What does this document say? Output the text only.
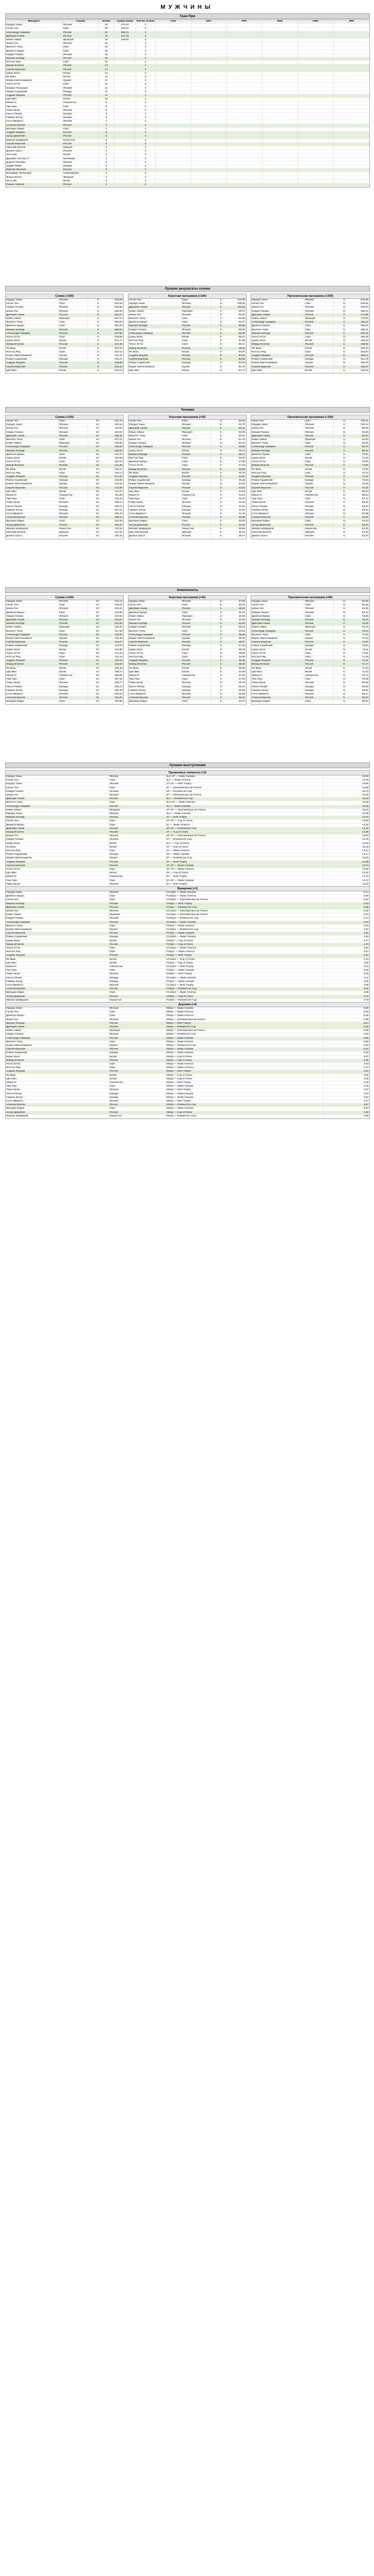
МУЖЧИНЫ
Гран-При
Фигурист	Страна	Этапы	Сумма очков	Кол-во этапов	CAN	USA	FRA	RUS	CHN	JPN
Юдзуру Ханю	Япония	28	372,43	2						
Натан Чен	США	30	335,32	2						
Александр Самарин	Россия	22	268,91	2						
Дмитрий Алиев	Россия	20	247,10	2						
Кевин Аймоз	Франция	20	245,64	2						
Шома Уно	Япония	20		2						
Винсент Чжоу	США	20		2						
Джейсон Браун	США	18		2						
Кэйдзи Танака	Япония	16		2						
Михаил Коляда	Россия	15		2						
Мэттью Рид	США	15		2						
Макар Игнатов	Россия	13		2						
Сергей Воронов	Россия	13		2						
Цзинь Боян	Китай	13		2						
Ян Вань	Китай	12		2						
Морис Квителашвили	Грузия	11		2						
Ческо Оттаг	США	11		2						
Киширо Такахаши	Япония	11		2						
Роман Садовский	Канада	11		2						
Андрей Лазукин	Россия	11		2						
Цян Мин	Китай	10		2						
Миша Ге	Узбекистан	9		2						
Тим Таун	США	9		2						
Тёма Нагаи	Япония	9		2						
Ниссе Ринам	Канада	8		2						
Гаммон Катер	Канада	8		2						
Сота Ямамото	Япония	7		2						
Алексей Ерохов	Россия	7		2						
Брендан Кирри	США	7		2						
Андрей Лазукин	Россия	6		2						
Артур Даниелян	Россия	5		2						
Михаил Шайдоров	Казахстан	5		2						
Сергей Воронов	Россия	5		2						
Николай Беляев	Швеция	4		2						
Дэниэл Грасл	Италия	4		2						
Ченг Бэй	Китай	4		2						
Джуниен Чан Кун Ч	Малайзия	4		2						
Дзюнги Оказава	Япония	3		2						
Эндрю Мими	Канада	3		2						
Максим Грызлов	Россия	3		2						
Владимир Литвинцев	Азербайджан	3		2						
Жоуха Фопэу	Франция	2		2						
Ми Ji Ши	Китай	2		2						
Роман Савосин	Россия	2		2						
Лучшие результаты сезона
Сумма (+300)
Юдзуру Ханю	Япония	5	322,59
Натан Чен	США	5	319,29
Кэйдзи Танака	Япония	5	269,88
Шома Уно	Япония	5	268,45
Дмитрий Алиев	Россия	5	261,27
Кевин Аймоз	Франция	5	257,12
Винсент Чжоу	США	5	256,03
Джейсон Браун	США	5	254,28
Михаил Коляда	Россия	5	250,04
Александр Самарин	Россия	5	247,58
Ческо Оттаг	США	5	239,06
Цзинь Боян	Китай	5	237,71
Макар Игнатов	Россия	5	234,45
Ян Вань	Китай	5	233,22
Мэттью Рид	США	5	232,12
Морис Квителашвили	Грузия	5	231,03
Роман Садовский	Канада	5	230,21
Андрей Лазукин	Россия	5	229,98
Сергей Воронов	Россия	5	228,25
Цян Мин	Китай	5	226,13
Короткая программа (+100)
Натан Чен	США	5	110,38
Юдзуру Ханю	Япония	5	109,60
Дмитрий Алиев	Россия	5	102,83
Кевин Аймоз	Франция	5	96,71
Шома Уно	Япония	5	94,62
Винсент Чжоу	США	5	93,85
Джейсон Браун	США	5	92,27
Михаил Коляда	Россия	5	90,55
Кэйдзи Танака	Япония	5	89,54
Александр Самарин	Россия	5	88,36
Цзинь Боян	Китай	5	88,01
Мэттью Рид	США	5	87,98
Ческо Оттаг	США	5	86,17
Макар Игнатов	Россия	5	85,11
Ян Вань	Китай	5	84,67
Андрей Лазукин	Россия	5	84,26
Сергей Воронов	Россия	5	83,89
Роман Садовский	Канада	5	83,06
Морис Квителашвили	Грузия	5	82,43
Цян Мин	Китай	5	81,77
Произвольная программа (+200)
Юдзуру Ханю	Япония	5	212,99
Натан Чен	США	5	208,91
Шома Уно	Япония	5	180,87
Кэйдзи Танака	Япония	5	180,34
Дмитрий Алиев	Россия	5	174,86
Кевин Аймоз	Франция	5	170,92
Александр Самарин	Россия	5	169,22
Джейсон Браун	США	5	168,61
Винсент Чжоу	США	5	166,41
Михаил Коляда	Россия	5	162,18
Ческо Оттаг	США	5	160,45
Цзинь Боян	Китай	5	159,02
Макар Игнатов	Россия	5	158,66
Ян Вань	Китай	5	156,43
Мэттью Рид	США	5	154,87
Андрей Лазукин	Россия	5	153,12
Роман Садовский	Канада	5	151,78
Морис Квителашвили	Грузия	5	150,34
Сергей Воронов	Россия	5	149,47
Цян Мин	Китай	5	148,22
Техника
Сумма (+100)
Натан Чен	США	10	191,73
Юдзуру Ханю	Япония	10	183,16
Шома Уно	Япония	10	146,84
Кэйдзи Танака	Япония	10	143,02
Дмитрий Алиев	Россия	10	138,45
Винсент Чжоу	США	10	137,21
Кевин Аймоз	Франция	10	135,88
Александр Самарин	Россия	10	133,62
Михаил Коляда	Россия	10	128,94
Джейсон Браун	США	10	124,47
Цзинь Боян	Китай	10	123,66
Ческо Оттаг	США	10	122,18
Макар Игнатов	Россия	10	121,35
Ян Вань	Китай	10	120,12
Мэттью Рид	США	10	118,74
Андрей Лазукин	Россия	10	117,23
Роман Садовский	Канада	10	116,05
Морис Квителашвили	Грузия	10	115,42
Сергей Воронов	Россия	10	114,88
Цян Мин	Китай	10	113,27
Миша Ге	Узбекистан	10	111,65
Тим Таун	США	10	110,32
Тёма Нагаи	Япония	10	109,14
Ниссе Ринам	Канада	10	108,73
Гаммон Катер	Канада	10	107,21
Сота Ямамото	Япония	10	106,40
Алексей Ерохов	Россия	10	105,18
Брендан Кирри	США	10	104,56
Артур Даниелян	Россия	10	103,34
Михаил Шайдоров	Казахстан	10	102,11
Николай Беляев	Швеция	10	101,03
Дэниэл Грасл	Италия	10	100,44
Короткая программа (+50)
Натан Чен	США	5	63,62
Юдзуру Ханю	Япония	5	62,73
Дмитрий Алиев	Россия	5	56,41
Кевин Аймоз	Франция	5	53,05
Винсент Чжоу	США	5	52,91
Шома Уно	Япония	5	51,76
Кэйдзи Танака	Япония	5	50,42
Александр Самарин	Россия	5	49,88
Цзинь Боян	Китай	5	49,23
Михаил Коляда	Россия	5	48,71
Мэттью Рид	США	5	48,02
Джейсон Браун	США	5	47,66
Ческо Оттаг	США	5	47,18
Макар Игнатов	Россия	5	46,85
Ян Вань	Китай	5	46,32
Андрей Лазукин	Россия	5	45,91
Роман Садовский	Канада	5	45,43
Морис Квителашвили	Грузия	5	44,97
Сергей Воронов	Россия	5	44,52
Цян Мин	Китай	5	44,08
Миша Ге	Узбекистан	5	43,61
Тим Таун	США	5	43,20
Тёма Нагаи	Япония	5	42,84
Ниссе Ринам	Канада	5	42,31
Гаммон Катер	Канада	5	41,87
Сота Ямамото	Япония	5	41,42
Алексей Ерохов	Россия	5	40,99
Брендан Кирри	США	5	40,53
Артур Даниелян	Россия	5	40,10
Михаил Шайдоров	Казахстан	5	39,66
Николай Беляев	Швеция	5	39,21
Дэниэл Грасл	Италия	5	38,77
Произвольная программа (+100)
Натан Чен	США	5	128,11
Юдзуру Ханю	Япония	5	120,43
Шома Уно	Япония	5	95,08
Кэйдзи Танака	Япония	5	92,60
Дмитрий Алиев	Россия	5	82,04
Кевин Аймоз	Франция	5	82,83
Винсент Чжоу	США	5	84,30
Александр Самарин	Россия	5	83,74
Михаил Коляда	Россия	5	80,23
Джейсон Браун	США	5	76,81
Цзинь Боян	Китай	5	74,43
Ческо Оттаг	США	5	75,00
Макар Игнатов	Россия	5	74,50
Ян Вань	Китай	5	73,80
Мэттью Рид	США	5	70,72
Андрей Лазукин	Россия	5	71,32
Роман Садовский	Канада	5	70,62
Морис Квителашвили	Грузия	5	70,45
Сергей Воронов	Россия	5	70,36
Цян Мин	Китай	5	69,19
Миша Ге	Узбекистан	5	68,04
Тим Таун	США	5	67,12
Тёма Нагаи	Япония	5	66,30
Ниссе Ринам	Канада	5	66,42
Гаммон Катер	Канада	5	65,34
Сота Ямамото	Япония	5	64,98
Алексей Ерохов	Россия	5	64,19
Брендан Кирри	США	5	64,03
Артур Даниелян	Россия	5	63,24
Михаил Шайдоров	Казахстан	5	62,45
Николай Беляев	Швеция	5	61,82
Дэниэл Грасл	Италия	5	61,67
Компоненты
Сумма (+100)
Юдзуру Ханю	Япония	10	143,13
Натан Чен	США	10	140,02
Шома Уно	Япония	10	125,31
Джейсон Браун	США	10	123,86
Кэйдзи Танака	Япония	10	122,54
Дмитрий Алиев	Россия	10	121,87
Михаил Коляда	Россия	10	121,08
Кевин Аймоз	Франция	10	120,41
Винсент Чжоу	США	10	117,33
Александр Самарин	Россия	10	116,92
Морис Квителашвили	Грузия	10	115,48
Сергей Воронов	Россия	10	114,27
Роман Садовский	Канада	10	113,63
Цзинь Боян	Китай	10	112,89
Ческо Оттаг	США	10	112,10
Мэттью Рид	США	10	111,44
Андрей Лазукин	Россия	10	110,76
Макар Игнатов	Россия	10	110,03
Ян Вань	Китай	10	109,38
Цян Мин	Китай	10	108,71
Миша Ге	Узбекистан	10	108,05
Тим Таун	США	10	107,42
Тёма Нагаи	Япония	10	106,77
Ниссе Ринам	Канада	10	106,14
Гаммон Катер	Канада	10	105,48
Сота Ямамото	Япония	10	104,83
Алексей Ерохов	Россия	10	104,20
Брендан Кирри	США	10	103,56
Короткая программа (+40)
Юдзуру Ханю	Япония	5	47,63
Натан Чен	США	5	46,76
Дмитрий Алиев	Россия	5	46,42
Джейсон Браун	США	5	45,21
Кевин Аймоз	Франция	5	43,66
Шома Уно	Япония	5	42,86
Михаил Коляда	Россия	5	42,84
Кэйдзи Танака	Япония	5	39,12
Винсент Чжоу	США	5	40,94
Александр Самарин	Россия	5	38,48
Морис Квителашвили	Грузия	5	38,46
Сергей Воронов	Россия	5	39,37
Роман Садовский	Канада	5	37,63
Цзинь Боян	Китай	5	38,78
Ческо Оттаг	США	5	38,99
Мэттью Рид	США	5	39,96
Андрей Лазукин	Россия	5	38,35
Макар Игнатов	Россия	5	38,26
Ян Вань	Китай	5	38,35
Цян Мин	Китай	5	37,69
Миша Ге	Узбекистан	5	37,33
Тим Таун	США	5	37,03
Тёма Нагаи	Япония	5	36,78
Ниссе Ринам	Канада	5	36,31
Гаммон Катер	Канада	5	35,92
Сота Ямамото	Япония	5	35,56
Алексей Ерохов	Россия	5	35,10
Брендан Кирри	США	5	34,72
Произвольная программа (+80)
Юдзуру Ханю	Япония	5	95,50
Натан Чен	США	5	93,26
Шома Уно	Япония	5	82,45
Кэйдзи Танака	Япония	5	83,42
Джейсон Браун	США	5	78,65
Михаил Коляда	Россия	5	78,24
Дмитрий Алиев	Россия	5	75,45
Кевин Аймоз	Франция	5	76,75
Александр Самарин	Россия	5	78,44
Винсент Чжоу	США	5	76,39
Морис Квителашвили	Грузия	5	77,02
Сергей Воронов	Россия	5	74,90
Роман Садовский	Канада	5	76,00
Цзинь Боян	Китай	5	74,11
Ческо Оттаг	США	5	73,11
Мэттью Рид	США	5	71,48
Андрей Лазукин	Россия	5	72,41
Макар Игнатов	Россия	5	71,77
Ян Вань	Китай	5	71,03
Цян Мин	Китай	5	71,02
Миша Ге	Узбекистан	5	70,72
Тим Таун	США	5	70,39
Тёма Нагаи	Япония	5	69,99
Ниссе Ринам	Канада	5	69,83
Гаммон Катер	Канада	5	69,56
Сота Ямамото	Япония	5	69,27
Алексей Ерохов	Россия	5	69,10
Брендан Кирри	США	5	68,84
Лучшие выступления
Прыжковые элементы (+6)
Юдзуру Ханю	Япония	4Lz+3T — Skate Canada	19,48
Натан Чен	США	4Lz — Skate America	17,04
Юдзуру Ханю	Япония	4T+3A — NHK Trophy	16,90
Натан Чен	США	4F — Internationaux de France	16,60
Кэйдзи Танака	Япония	4S — Rostelecom Cup	15,74
Шома Уно	Япония	4F — Internationaux de France	15,55
Дмитрий Алиев	Россия	4Lz — Rostelecom Cup	15,42
Винсент Чжоу	США	4Lz+3T — Skate America	15,30
Александр Самарин	Россия	4Lz — Skate Canada	15,18
Кевин Аймоз	Франция	4T+3T — Internationaux de France	15,01
Юдзуру Ханю	Япония	4Lo — Skate Canada	14,89
Михаил Коляда	Россия	4T — NHK Trophy	14,67
Натан Чен	США	4T+3T — Cup of China	14,50
Джейсон Браун	США	3A — Skate America	14,32
Дмитрий Алиев	Россия	4T+3T — Rostelecom Cup	14,20
Макар Игнатов	Россия	4T — Cup of China	14,06
Шома Уно	Япония	4T+2T — Internationaux de France	13,91
Кэйдзи Танака	Япония	4T — Rostelecom Cup	13,78
Цзинь Боян	Китай	4Lz — Cup of China	13,64
Ян Вань	Китай	4T — Cup of China	13,49
Мэттью Рид	США	4T — Skate America	13,31
Роман Садовский	Канада	4S — Skate Canada	13,17
Морис Квителашвили	Грузия	4T — Rostelecom Cup	13,02
Андрей Лазукин	Россия	4T — NHK Trophy	12,88
Сергей Воронов	Россия	4T+2T — Skate Canada	12,74
Ческо Оттаг	США	3A+3T — Skate America	12,60
Цян Мин	Китай	4S — Cup of China	12,45
Миша Ге	Узбекистан	3A — NHK Trophy	12,31
Тим Таун	США	3A+3T — Skate Canada	12,17
Тёма Нагаи	Япония	3A — NHK Trophy	12,02
Вращения (+3)
Юдзуру Ханю	Япония	CCoSp4 — Skate Canada	5,71
Джейсон Браун	США	FCSSp4 — Skate America	5,60
Натан Чен	США	CCoSp4 — Internationaux de France	5,52
Михаил Коляда	Россия	CSSp4 — NHK Trophy	5,44
Дмитрий Алиев	Россия	FCSp4 — Rostelecom Cup	5,36
Шома Уно	Япония	CCoSp4 — Internationaux de France	5,30
Кевин Аймоз	Франция	CCoSp4 — Internationaux de France	5,24
Кэйдзи Танака	Япония	FCSSp4 — Rostelecom Cup	5,17
Александр Самарин	Россия	CCoSp4 — Skate Canada	5,10
Винсент Чжоу	США	FSSp4 — Skate America	5,03
Морис Квителашвили	Грузия	CCoSp4 — Rostelecom Cup	4,97
Сергей Воронов	Россия	FCSp4 — Skate Canada	4,90
Роман Садовский	Канада	CCoSp4 — Skate Canada	4,84
Цзинь Боян	Китай	CSSp4 — Cup of China	4,77
Макар Игнатов	Россия	FCSp4 — Cup of China	4,70
Ческо Оттаг	США	CCoSp4 — Skate America	4,64
Мэттью Рид	США	CSSp4 — Skate America	4,57
Андрей Лазукин	Россия	FCSp4 — NHK Trophy	4,51
Ян Вань	Китай	CCoSp4 — Cup of China	4,44
Цян Мин	Китай	FSSp4 — Cup of China	4,38
Миша Ге	Узбекистан	CCoSp4 — NHK Trophy	4,31
Тим Таун	США	FCSp4 — Skate Canada	4,25
Тёма Нагаи	Япония	CSSp4 — NHK Trophy	4,18
Ниссе Ринам	Канада	CCoSp4 — Skate Canada	4,12
Гаммон Катер	Канада	FCSp4 — Skate Canada	4,05
Сота Ямамото	Япония	CCoSp4 — NHK Trophy	3,99
Алексей Ерохов	Россия	FSSp4 — Rostelecom Cup	3,92
Брендан Кирри	США	CCoSp4 — Skate America	3,86
Артур Даниелян	Россия	CSSp4 — Cup of China	3,79
Михаил Шайдоров	Казахстан	FCSp4 — Rostelecom Cup	3,73
Дорожки (+4)
Юдзуру Ханю	Япония	StSq4 — Skate Canada	6,80
Натан Чен	США	StSq4 — Skate America	6,63
Джейсон Браун	США	StSq4 — Skate America	6,49
Шома Уно	Япония	StSq4 — Internationaux de France	6,35
Михаил Коляда	Россия	StSq4 — NHK Trophy	6,21
Дмитрий Алиев	Россия	StSq4 — Rostelecom Cup	6,08
Кевин Аймоз	Франция	StSq4 — Internationaux de France	5,95
Кэйдзи Танака	Япония	StSq3 — Rostelecom Cup	5,82
Александр Самарин	Россия	StSq4 — Skate Canada	5,69
Винсент Чжоу	США	StSq3 — Skate America	5,56
Морис Квителашвили	Грузия	StSq4 — Rostelecom Cup	5,44
Сергей Воронов	Россия	StSq3 — Skate Canada	5,31
Роман Садовский	Канада	StSq3 — Skate Canada	5,19
Цзинь Боян	Китай	StSq3 — Cup of China	5,07
Макар Игнатов	Россия	StSq3 — Cup of China	4,95
Ческо Оттаг	США	StSq3 — Skate America	4,84
Мэттью Рид	США	StSq3 — Skate America	4,72
Андрей Лазукин	Россия	StSq3 — NHK Trophy	4,61
Ян Вань	Китай	StSq3 — Cup of China	4,50
Цян Мин	Китай	StSq3 — Cup of China	4,39
Миша Ге	Узбекистан	StSq3 — NHK Trophy	4,28
Тим Таун	США	StSq3 — Skate Canada	4,18
Тёма Нагаи	Япония	StSq3 — NHK Trophy	4,07
Ниссе Ринам	Канада	StSq3 — Skate Canada	3,97
Гаммон Катер	Канада	StSq3 — Skate Canada	3,87
Сота Ямамото	Япония	StSq3 — NHK Trophy	3,77
Алексей Ерохов	Россия	StSq3 — Rostelecom Cup	3,67
Брендан Кирри	США	StSq3 — Skate America	3,57
Артур Даниелян	Россия	StSq3 — Cup of China	3,48
Михаил Шайдоров	Казахстан	StSq3 — Rostelecom Cup	3,38
